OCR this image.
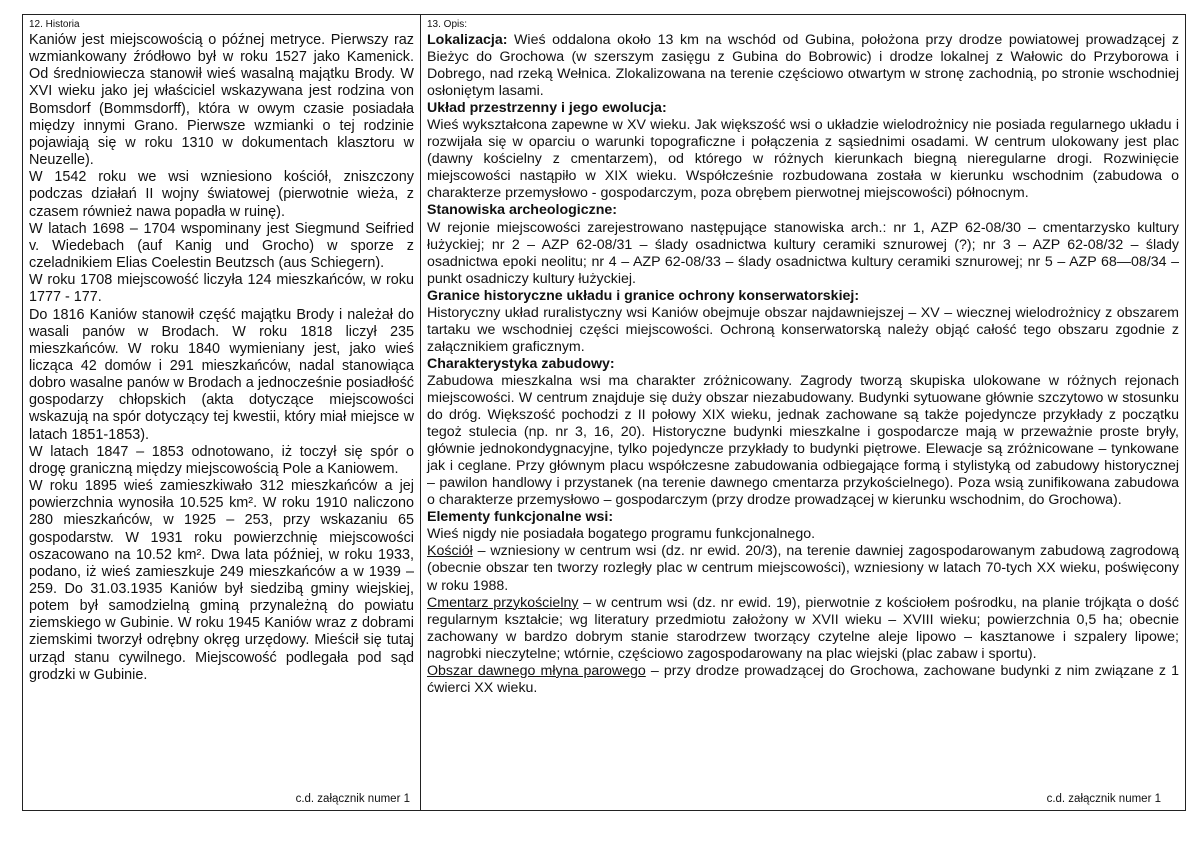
12. Historia

Kaniów jest miejscowością o późnej metryce. Pierwszy raz wzmiankowany źródłowo był w roku 1527 jako Kamenick. Od średniowiecza stanowił wieś wasalną majątku Brody. W XVI wieku jako jej właściciel wskazywana jest rodzina von Bomsdorf (Bommsdorff), która w owym czasie posiadała między innymi Grano. Pierwsze wzmianki o tej rodzinie pojawiają się w roku 1310 w dokumentach klasztoru w Neuzelle).

W 1542 roku we wsi wzniesiono kościół, zniszczony podczas działań II wojny światowej (pierwotnie wieża, z czasem również nawa popadła w ruinę).

W latach 1698 – 1704 wspominany jest Siegmund Seifried v. Wiedebach (auf Kanig und Grocho) w sporze z czeladnikiem Elias Coelestin Beutzsch (aus Schiegern).

W roku 1708 miejscowość liczyła 124 mieszkańców, w roku 1777 - 177.

Do 1816 Kaniów stanowił część majątku Brody i należał do wasali panów w Brodach. W roku 1818 liczył 235 mieszkańców. W roku 1840 wymieniany jest, jako wieś licząca 42 domów i 291 mieszkańców, nadal stanowiąca dobro wasalne panów w Brodach a jednocześnie posiadłość gospodarzy chłopskich (akta dotyczące miejscowości wskazują na spór dotyczący tej kwestii, który miał miejsce w latach 1851-1853).

W latach 1847 – 1853 odnotowano, iż toczył się spór o drogę graniczną między miejscowością Pole a Kaniowem.

W roku 1895 wieś zamieszkiwało 312 mieszkańców a jej powierzchnia wynosiła 10.525 km². W roku 1910 naliczono 280 mieszkańców, w 1925 – 253, przy wskazaniu 65 gospodarstw. W 1931 roku powierzchnię miejscowości oszacowano na 10.52 km². Dwa lata później, w roku 1933, podano, iż wieś zamieszkuje 249 mieszkańców a w 1939 – 259. Do 31.03.1935 Kaniów był siedzibą gminy wiejskiej, potem był samodzielną gminą przynależną do powiatu ziemskiego w Gubinie. W roku 1945 Kaniów wraz z dobrami ziemskimi tworzył odrębny okręg urzędowy. Mieścił się tutaj urząd stanu cywilnego. Miejscowość podlegała pod sąd grodzki w Gubinie.

c.d. załącznik numer 1
13. Opis:

Lokalizacja: Wieś oddalona około 13 km na wschód od Gubina, położona przy drodze powiatowej prowadzącej z Bieżyc do Grochowa (w szerszym zasięgu z Gubina do Bobrowic) i drodze lokalnej z Wałowic do Przyborowa i Dobrego, nad rzeką Wełnica. Zlokalizowana na terenie częściowo otwartym w stronę zachodnią, po stronie wschodniej osłoniętym lasami.

Układ przestrzenny i jego ewolucja:

Wieś wykształcona zapewne w XV wieku. Jak większość wsi o układzie wielodrożnicy nie posiada regularnego układu i rozwijała się w oparciu o warunki topograficzne i połączenia z sąsiednimi osadami. W centrum ulokowany jest plac (dawny kościelny z cmentarzem), od którego w różnych kierunkach biegną nieregularne drogi. Rozwinięcie miejscowości nastąpiło w XIX wieku. Współcześnie rozbudowana została w kierunku wschodnim (zabudowa o charakterze przemysłowo - gospodarczym, poza obrębem pierwotnej miejscowości) północnym.

Stanowiska archeologiczne:

W rejonie miejscowości zarejestrowano następujące stanowiska arch.: nr 1, AZP 62-08/30 – cmentarzysko kultury łużyckiej; nr 2 – AZP 62-08/31 – ślady osadnictwa kultury ceramiki sznurowej (?); nr 3 – AZP 62-08/32 – ślady osadnictwa epoki neolitu; nr 4 – AZP 62-08/33 – ślady osadnictwa kultury ceramiki sznurowej; nr 5 – AZP 68—08/34 – punkt osadniczy kultury łużyckiej.

Granice historyczne układu i granice ochrony konserwatorskiej:

Historyczny układ ruralistyczny wsi Kaniów obejmuje obszar najdawniejszej – XV – wiecznej wielodrożnicy z obszarem tartaku we wschodniej części miejscowości. Ochroną konserwatorską należy objąć całość tego obszaru zgodnie z załącznikiem graficznym.

Charakterystyka zabudowy:

Zabudowa mieszkalna wsi ma charakter zróżnicowany. Zagrody tworzą skupiska ulokowane w różnych rejonach miejscowości. W centrum znajduje się duży obszar niezabudowany. Budynki sytuowane głównie szczytowo w stosunku do dróg. Większość pochodzi z II połowy XIX wieku, jednak zachowane są także pojedyncze przykłady z początku tegoż stulecia (np. nr 3, 16, 20). Historyczne budynki mieszkalne i gospodarcze mają w przeważnie proste bryły, głównie jednokondygnacyjne, tylko pojedyncze przykłady to budynki piętrowe. Elewacje są zróżnicowane – tynkowane jak i ceglane. Przy głównym placu współczesne zabudowania odbiegające formą i stylistyką od zabudowy historycznej – pawilon handlowy i przystanek (na terenie dawnego cmentarza przykościelnego). Poza wsią zunifikowana zabudowa o charakterze przemysłowo – gospodarczym (przy drodze prowadzącej w kierunku wschodnim, do Grochowa).

Elementy funkcjonalne wsi:

Wieś nigdy nie posiadała bogatego programu funkcjonalnego.

Kościół – wzniesiony w centrum wsi (dz. nr ewid. 20/3), na terenie dawniej zagospodarowanym zabudową zagrodową (obecnie obszar ten tworzy rozległy plac w centrum miejscowości), wzniesiony w latach 70-tych XX wieku, poświęcony w roku 1988.

Cmentarz przykościelny – w centrum wsi (dz. nr ewid. 19), pierwotnie z kościołem pośrodku, na planie trójkąta o dość regularnym kształcie; wg literatury przedmiotu założony w XVII wieku – XVIII wieku; powierzchnia 0,5 ha; obecnie zachowany w bardzo dobrym stanie starodrzew tworzący czytelne aleje lipowo – kasztanowe i szpalery lipowe; nagrobki nieczytelne; wtórnie, częściowo zagospodarowany na plac wiejski (plac zabaw i sportu).

Obszar dawnego młyna parowego – przy drodze prowadzącej do Grochowa, zachowane budynki z nim związane z 1 ćwierci XX wieku.

c.d. załącznik numer 1
